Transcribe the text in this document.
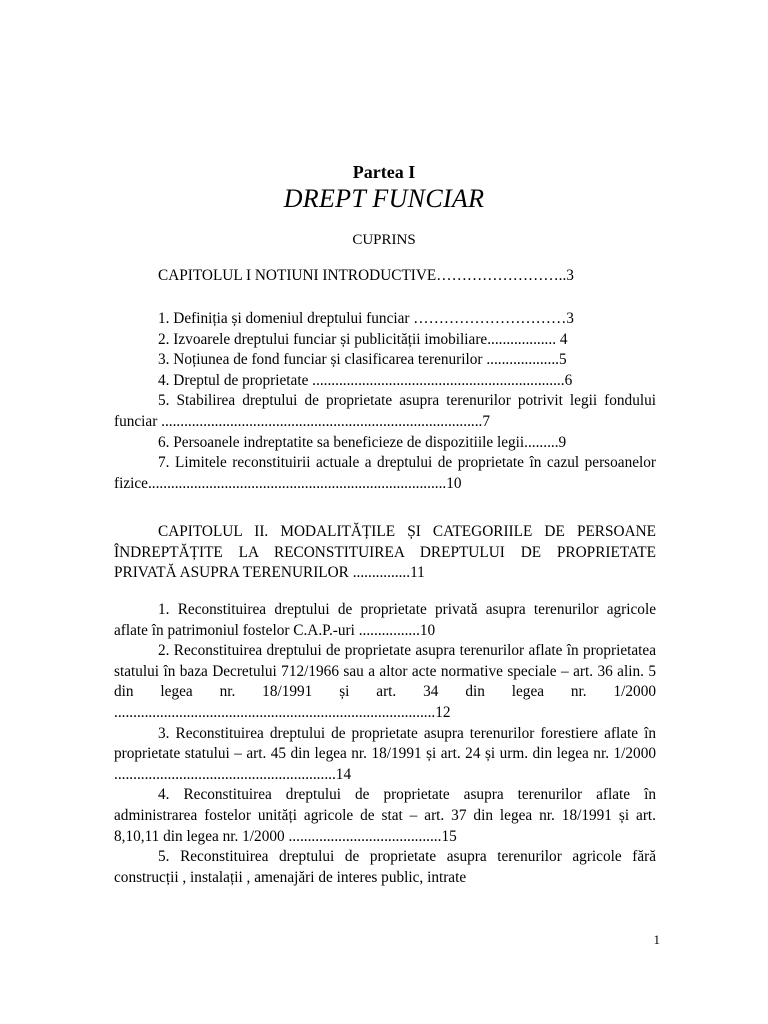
Partea I
DREPT FUNCIAR
CUPRINS

CAPITOLUL I NOTIUNI INTRODUCTIVE……………………..3

1. Definiția și domeniul dreptului funciar …………………………3

2. Izvoarele dreptului funciar și publicității imobiliare.................. 4

3. Noțiunea de fond funciar și clasificarea terenurilor ...................5

4. Dreptul de proprietate ..................................................................6

5. Stabilirea dreptului de proprietate asupra terenurilor potrivit legii fondului funciar ....................................................................................7

6. Persoanele indreptatite sa beneficieze de dispozitiile legii.........9

7. Limitele reconstituirii actuale a dreptului de proprietate în cazul persoanelor fizice..............................................................................10

CAPITOLUL II. MODALITĂȚILE ȘI CATEGORIILE DE PERSOANE ÎNDREPTĂȚITE LA RECONSTITUIREA DREPTULUI DE PROPRIETATE PRIVATĂ ASUPRA TERENURILOR ...............11

1. Reconstituirea dreptului de proprietate privată asupra terenurilor agricole aflate în patrimoniul fostelor C.A.P.-uri ................10

2. Reconstituirea dreptului de proprietate asupra terenurilor aflate în proprietatea statului în baza Decretului 712/1966 sau a altor acte normative speciale – art. 36 alin. 5 din legea nr. 18/1991 și art. 34 din legea nr. 1/2000 ....................................................................................12

3. Reconstituirea dreptului de proprietate asupra terenurilor forestiere aflate în proprietate statului – art. 45 din legea nr. 18/1991 și art. 24 și urm. din legea nr. 1/2000 ..........................................................14

4. Reconstituirea dreptului de proprietate asupra terenurilor aflate în administrarea fostelor unități agricole de stat – art. 37 din legea nr. 18/1991 și art. 8,10,11 din legea nr. 1/2000 ........................................15

5. Reconstituirea dreptului de proprietate asupra terenurilor agricole fără construcții , instalații , amenajări de interes public, intrate

1
